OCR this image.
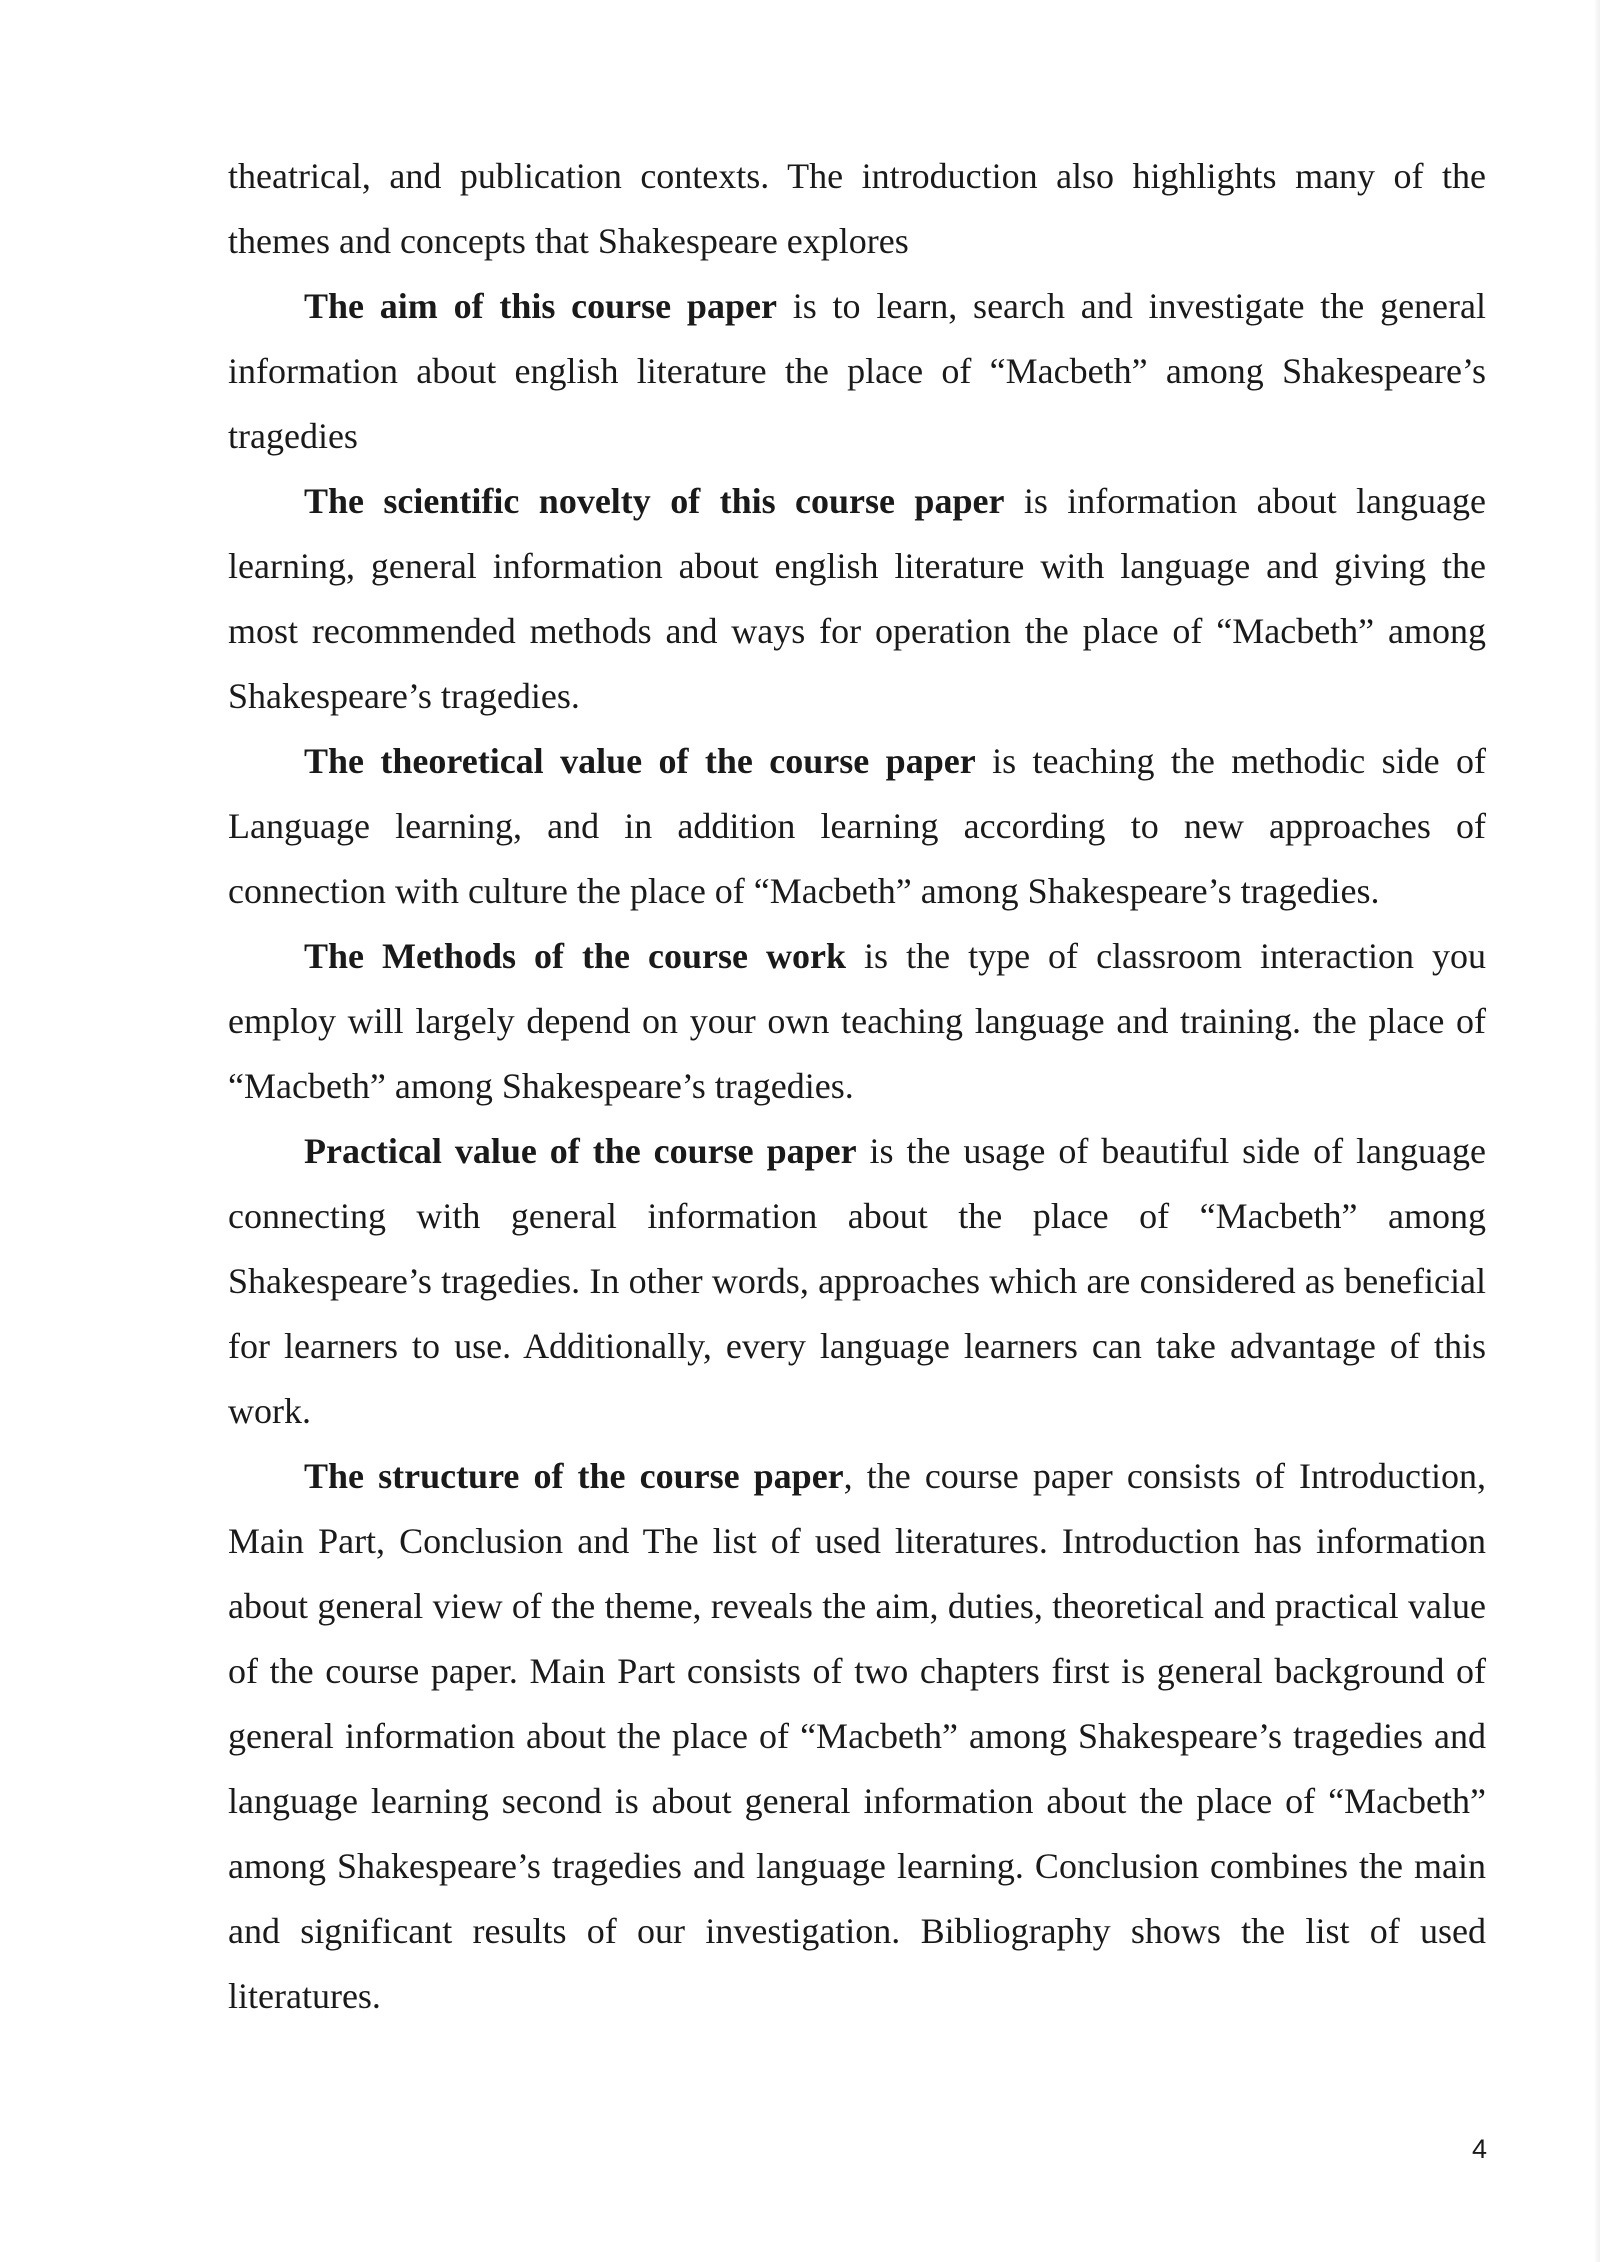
theatrical, and publication contexts. The introduction also highlights many of the themes and concepts that Shakespeare explores

The aim of this course paper is to learn, search and investigate the general information about english literature the place of “Macbeth” among Shakespeare’s tragedies

The scientific novelty of this course paper is information about language learning, general information about english literature with language and giving the most recommended methods and ways for operation the place of “Macbeth” among Shakespeare’s tragedies.

The theoretical value of the course paper is teaching the methodic side of Language learning, and in addition learning according to new approaches of connection with culture the place of “Macbeth” among Shakespeare’s tragedies.

The Methods of the course work is the type of classroom interaction you employ will largely depend on your own teaching language and training. the place of “Macbeth” among Shakespeare’s tragedies.

Practical value of the course paper is the usage of beautiful side of language connecting with general information about the place of “Macbeth” among Shakespeare’s tragedies. In other words, approaches which are considered as beneficial for learners to use. Additionally, every language learners can take advantage of this work.

The structure of the course paper, the course paper consists of Introduction, Main Part, Conclusion and The list of used literatures. Introduction has information about general view of the theme, reveals the aim, duties, theoretical and practical value of the course paper. Main Part consists of two chapters first is general background of general information about the place of “Macbeth” among Shakespeare’s tragedies and language learning second is about general information about the place of “Macbeth” among Shakespeare’s tragedies and language learning. Conclusion combines the main and significant results of our investigation. Bibliography shows the list of used literatures.

4
